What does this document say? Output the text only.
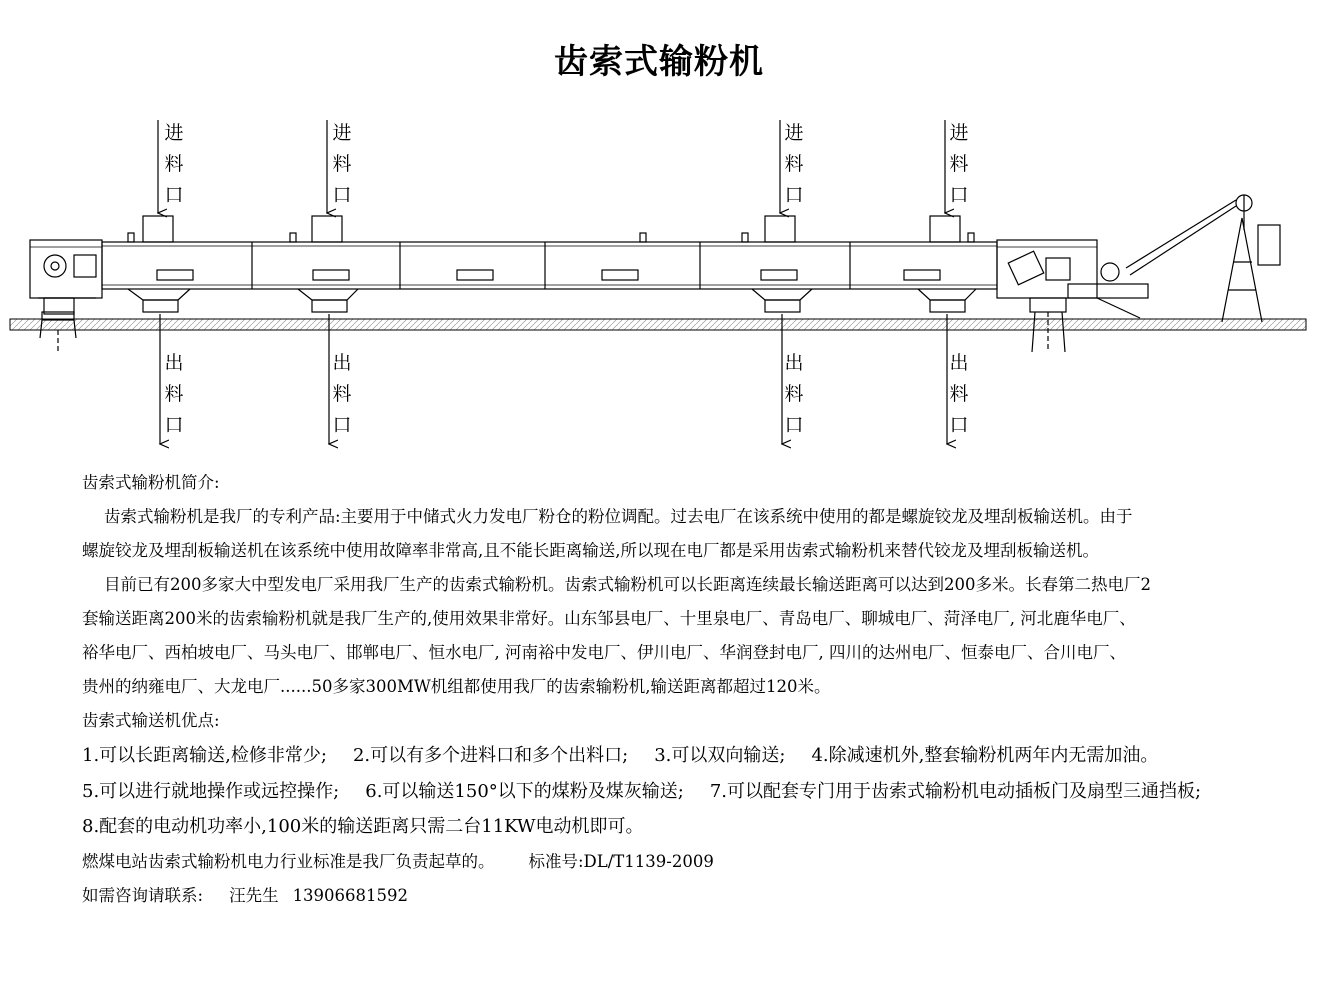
齿索式输粉机
进料口
进料口
进料口
进料口
出料口
出料口
出料口
出料口
齿索式输粉机简介:
齿索式输粉机是我厂的专利产品:主要用于中储式火力发电厂粉仓的粉位调配。过去电厂在该系统中使用的都是螺旋铰龙及埋刮板输送机。由于
螺旋铰龙及埋刮板输送机在该系统中使用故障率非常高,且不能长距离输送,所以现在电厂都是采用齿索式输粉机来替代铰龙及埋刮板输送机。
目前已有200多家大中型发电厂采用我厂生产的齿索式输粉机。齿索式输粉机可以长距离连续最长输送距离可以达到200多米。长春第二热电厂2
套输送距离200米的齿索输粉机就是我厂生产的,使用效果非常好。山东邹县电厂、十里泉电厂、青岛电厂、聊城电厂、菏泽电厂, 河北鹿华电厂、
裕华电厂、西柏坡电厂、马头电厂、邯郸电厂、恒水电厂, 河南裕中发电厂、伊川电厂、华润登封电厂, 四川的达州电厂、恒泰电厂、合川电厂、
贵州的纳雍电厂、大龙电厂......50多家300MW机组都使用我厂的齿索输粉机,输送距离都超过120米。
齿索式输送机优点:
1.可以长距离输送,检修非常少; 2.可以有多个进料口和多个出料口; 3.可以双向输送; 4.除减速机外,整套输粉机两年内无需加油。
5.可以进行就地操作或远控操作; 6.可以输送150°以下的煤粉及煤灰输送; 7.可以配套专门用于齿索式输粉机电动插板门及扇型三通挡板;
8.配套的电动机功率小,100米的输送距离只需二台11KW电动机即可。
燃煤电站齿索式输粉机电力行业标准是我厂负责起草的。 标准号:DL/T1139-2009
如需咨询请联系: 汪先生 13906681592
